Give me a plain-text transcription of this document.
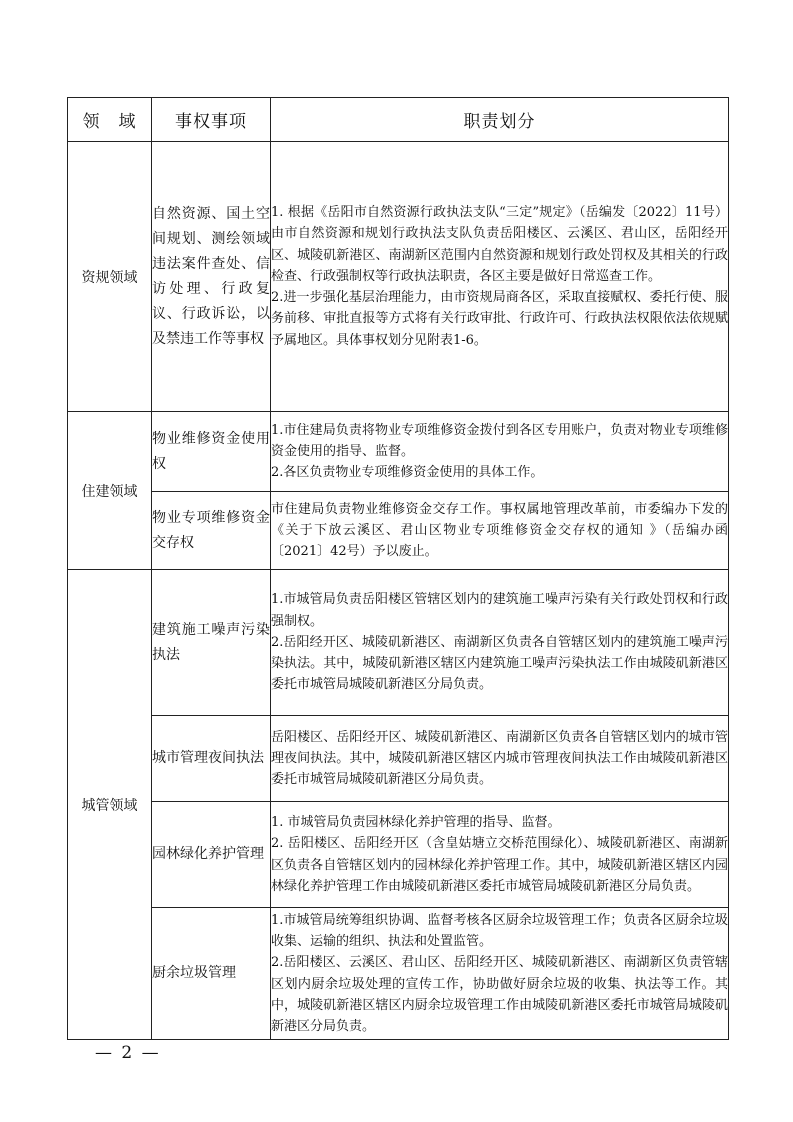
领　域	事权事项	职责划分
资规领域	自然资源、国土空间规划、测绘领域违法案件查处、信访处理、行政复议、行政诉讼，以及禁违工作等事权	1. 根据《岳阳市自然资源行政执法支队“三定”规定》（岳编发〔2022〕11号）由市自然资源和规划行政执法支队负责岳阳楼区、云溪区、君山区，岳阳经开区、城陵矶新港区、南湖新区范围内自然资源和规划行政处罚权及其相关的行政检查、行政强制权等行政执法职责，各区主要是做好日常巡查工作。

2.进一步强化基层治理能力，由市资规局商各区，采取直接赋权、委托行使、服务前移、审批直报等方式将有关行政审批、行政许可、行政执法权限依法依规赋予属地区。具体事权划分见附表1-6。

住建领域	物业维修资金使用权	1.市住建局负责将物业专项维修资金拨付到各区专用账户，负责对物业专项维修资金使用的指导、监督。

2.各区负责物业专项维修资金使用的具体工作。

	物业专项维修资金交存权	市住建局负责物业维修资金交存工作。事权属地管理改革前，市委编办下发的《关于下放云溪区、君山区物业专项维修资金交存权的通知 》（岳编办函〔2021〕42号）予以废止。

城管领域	建筑施工噪声污染执法	1.市城管局负责岳阳楼区管辖区划内的建筑施工噪声污染有关行政处罚权和行政强制权。

2.岳阳经开区、城陵矶新港区、南湖新区负责各自管辖区划内的建筑施工噪声污染执法。其中，城陵矶新港区辖区内建筑施工噪声污染执法工作由城陵矶新港区委托市城管局城陵矶新港区分局负责。

	城市管理夜间执法	岳阳楼区、岳阳经开区、城陵矶新港区、南湖新区负责各自管辖区划内的城市管理夜间执法。其中，城陵矶新港区辖区内城市管理夜间执法工作由城陵矶新港区委托市城管局城陵矶新港区分局负责。

	园林绿化养护管理	1. 市城管局负责园林绿化养护管理的指导、监督。

2. 岳阳楼区、岳阳经开区（含皇姑塘立交桥范围绿化）、城陵矶新港区、南湖新区负责各自管辖区划内的园林绿化养护管理工作。其中，城陵矶新港区辖区内园林绿化养护管理工作由城陵矶新港区委托市城管局城陵矶新港区分局负责。

	厨余垃圾管理	1.市城管局统筹组织协调、监督考核各区厨余垃圾管理工作；负责各区厨余垃圾收集、运输的组织、执法和处置监管。

2.岳阳楼区、云溪区、君山区、岳阳经开区、城陵矶新港区、南湖新区负责管辖区划内厨余垃圾处理的宣传工作，协助做好厨余垃圾的收集、执法等工作。其中，城陵矶新港区辖区内厨余垃圾管理工作由城陵矶新港区委托市城管局城陵矶新港区分局负责。

— 2 —
